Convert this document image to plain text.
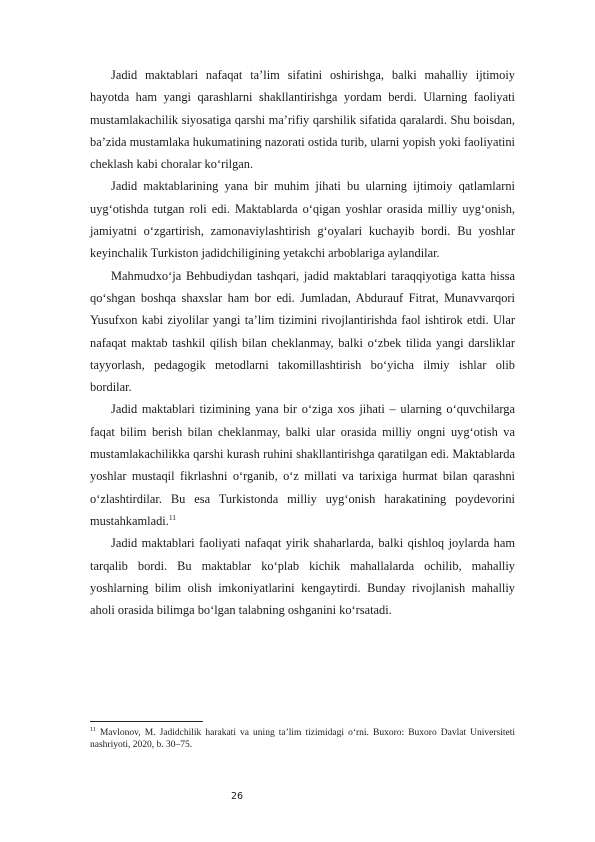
Jadid maktablari nafaqat ta’lim sifatini oshirishga, balki mahalliy ijtimoiy hayotda ham yangi qarashlarni shakllantirishga yordam berdi. Ularning faoliyati mustamlakachilik siyosatiga qarshi ma’rifiy qarshilik sifatida qaralardi. Shu boisdan, ba’zida mustamlaka hukumatining nazorati ostida turib, ularni yopish yoki faoliyatini cheklash kabi choralar ko‘rilgan.

Jadid maktablarining yana bir muhim jihati bu ularning ijtimoiy qatlamlarni uyg‘otishda tutgan roli edi. Maktablarda o‘qigan yoshlar orasida milliy uyg‘onish, jamiyatni o‘zgartirish, zamonaviylashtirish g‘oyalari kuchayib bordi. Bu yoshlar keyinchalik Turkiston jadidchiligining yetakchi arboblariga aylandilar.

Mahmudxo‘ja Behbudiydan tashqari, jadid maktablari taraqqiyotiga katta hissa qo‘shgan boshqa shaxslar ham bor edi. Jumladan, Abdurauf Fitrat, Munavvarqori Yusufxon kabi ziyolilar yangi ta’lim tizimini rivojlantirishda faol ishtirok etdi. Ular nafaqat maktab tashkil qilish bilan cheklanmay, balki o‘zbek tilida yangi darsliklar tayyorlash, pedagogik metodlarni takomillashtirish bo‘yicha ilmiy ishlar olib bordilar.

Jadid maktablari tizimining yana bir o‘ziga xos jihati – ularning o‘quvchilarga faqat bilim berish bilan cheklanmay, balki ular orasida milliy ongni uyg‘otish va mustamlakachilikka qarshi kurash ruhini shakllantirishga qaratilgan edi. Maktablarda yoshlar mustaqil fikrlashni o‘rganib, o‘z millati va tarixiga hurmat bilan qarashni o‘zlashtirdilar. Bu esa Turkistonda milliy uyg‘onish harakatining poydevorini mustahkamladi.$^{11}$

Jadid maktablari faoliyati nafaqat yirik shaharlarda, balki qishloq joylarda ham tarqalib bordi. Bu maktablar ko‘plab kichik mahallalarda ochilib, mahalliy yoshlarning bilim olish imkoniyatlarini kengaytirdi. Bunday rivojlanish mahalliy aholi orasida bilimga bo‘lgan talabning oshganini ko‘rsatadi.

$^{11}$ Mavlonov, M. Jadidchilik harakati va uning ta’lim tizimidagi o‘rni. Buxoro: Buxoro Davlat Universiteti nashriyoti, 2020, b. 30–75.

26
